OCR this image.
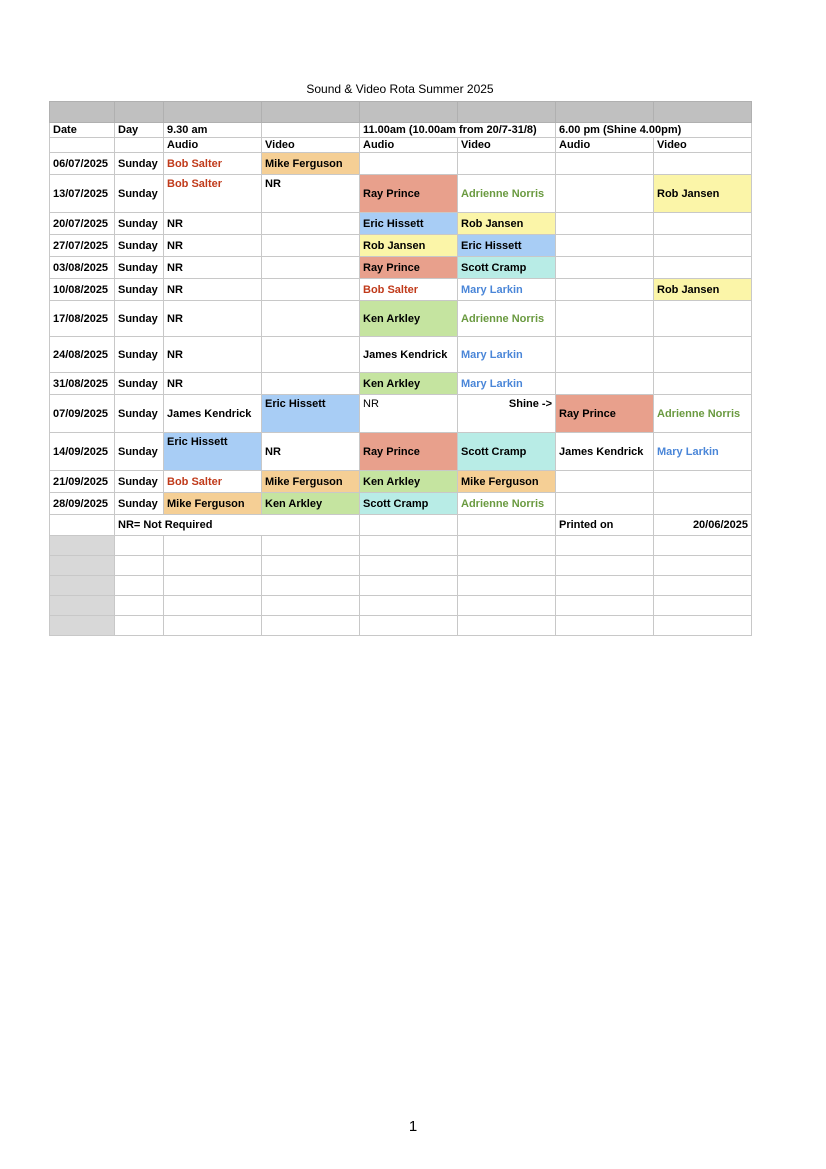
Sound & Video Rota Summer 2025

Date	Day	9.30 am		11.00am (10.00am from 20/7-31/8)		6.00 pm (Shine 4.00pm)	
		Audio	Video	Audio	Video	Audio	Video
06/07/2025	Sunday	Bob Salter	Mike Ferguson				
13/07/2025	Sunday	Bob Salter	NR	Ray Prince	Adrienne Norris		Rob Jansen
20/07/2025	Sunday	NR		Eric Hissett	Rob Jansen		
27/07/2025	Sunday	NR		Rob Jansen	Eric Hissett		
03/08/2025	Sunday	NR		Ray Prince	Scott Cramp		
10/08/2025	Sunday	NR		Bob Salter	Mary Larkin		Rob Jansen
17/08/2025	Sunday	NR		Ken Arkley	Adrienne Norris		
24/08/2025	Sunday	NR		James Kendrick	Mary Larkin		
31/08/2025	Sunday	NR		Ken Arkley	Mary Larkin		
07/09/2025	Sunday	James Kendrick	Eric Hissett	NR	Shine ->	Ray Prince	Adrienne Norris
14/09/2025	Sunday	Eric Hissett	NR	Ray Prince	Scott Cramp	James Kendrick	Mary Larkin
21/09/2025	Sunday	Bob Salter	Mike Ferguson	Ken Arkley	Mike Ferguson		
28/09/2025	Sunday	Mike Ferguson	Ken Arkley	Scott Cramp	Adrienne Norris		
	NR= Not Required					Printed on	20/06/2025

1
